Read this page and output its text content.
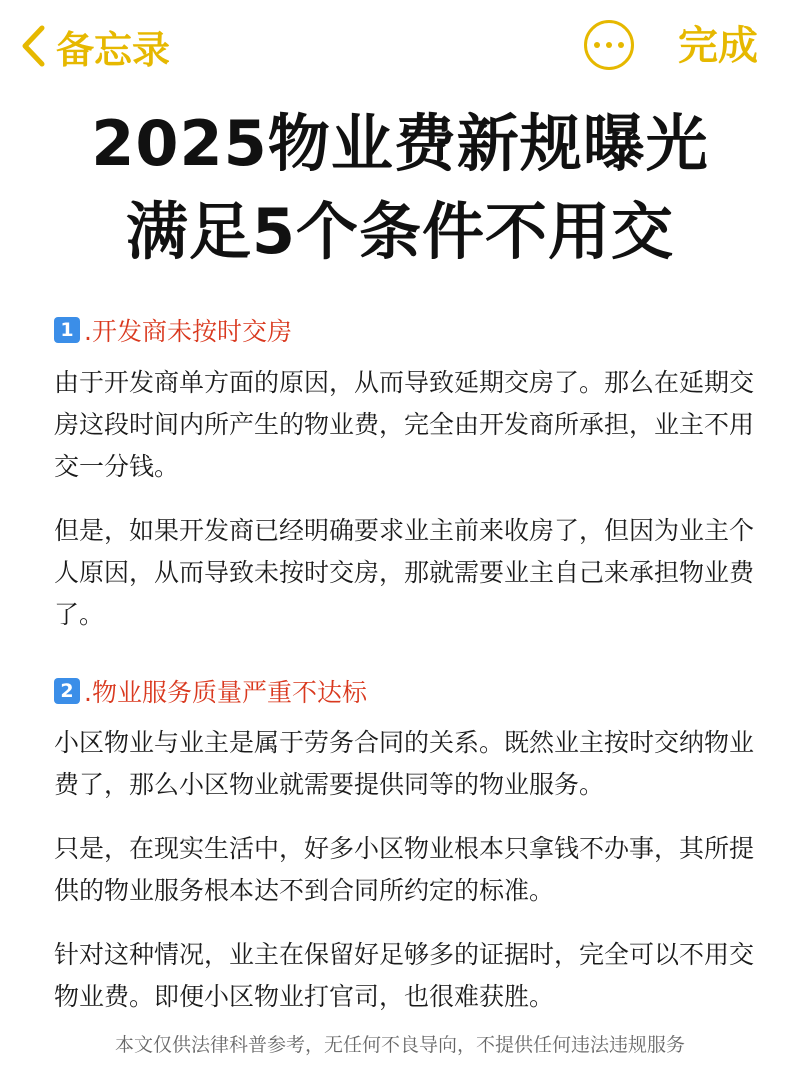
备忘录	完成
2025物业费新规曝光
满足5个条件不用交
1 .开发商未按时交房
由于开发商单方面的原因，从而导致延期交房了。那么在延期交房这段时间内所产生的物业费，完全由开发商所承担，业主不用交一分钱。
但是，如果开发商已经明确要求业主前来收房了，但因为业主个人原因，从而导致未按时交房，那就需要业主自己来承担物业费了。
2 .物业服务质量严重不达标
小区物业与业主是属于劳务合同的关系。既然业主按时交纳物业费了，那么小区物业就需要提供同等的物业服务。
只是，在现实生活中，好多小区物业根本只拿钱不办事，其所提供的物业服务根本达不到合同所约定的标准。
针对这种情况，业主在保留好足够多的证据时，完全可以不用交物业费。即便小区物业打官司，也很难获胜。
本文仅供法律科普参考，无任何不良导向，不提供任何违法违规服务
